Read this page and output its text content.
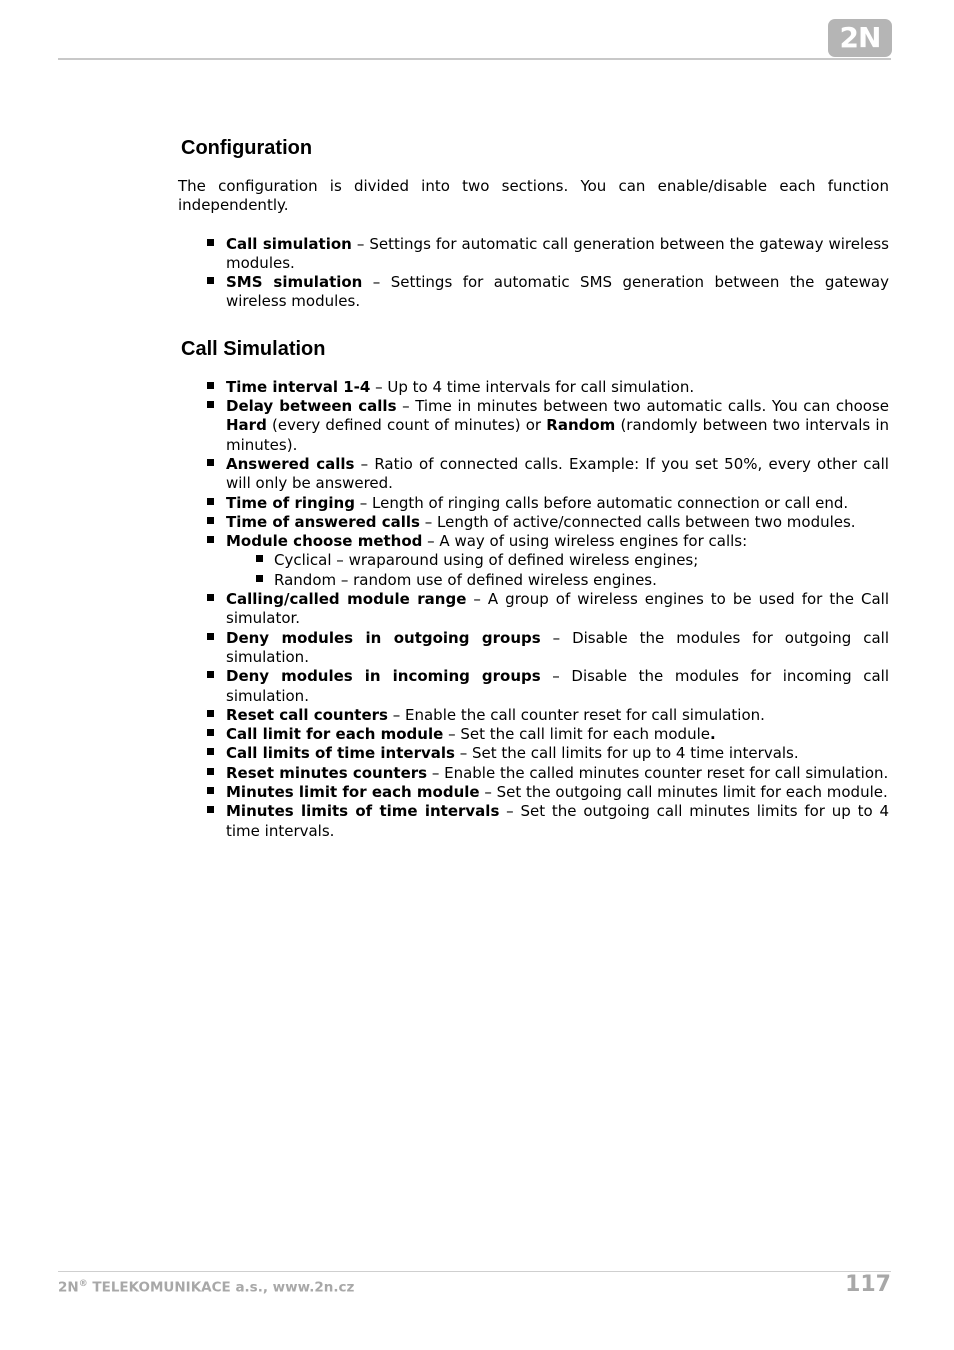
2N
Configuration

The configuration is divided into two sections. You can enable/disable each function independently.

Call simulation – Settings for automatic call generation between the gateway wireless modules.
SMS simulation – Settings for automatic SMS generation between the gateway wireless modules.
Call Simulation
Time interval 1-4 – Up to 4 time intervals for call simulation.
Delay between calls – Time in minutes between two automatic calls. You can choose Hard (every defined count of minutes) or Random (randomly between two intervals in minutes).
Answered calls – Ratio of connected calls. Example: If you set 50%, every other call will only be answered.
Time of ringing – Length of ringing calls before automatic connection or call end.
Time of answered calls – Length of active/connected calls between two modules.
Module choose method – A way of using wireless engines for calls:
Cyclical – wraparound using of defined wireless engines;
Random – random use of defined wireless engines.
Calling/called module range – A group of wireless engines to be used for the Call simulator.
Deny modules in outgoing groups – Disable the modules for outgoing call simulation.
Deny modules in incoming groups – Disable the modules for incoming call simulation.
Reset call counters – Enable the call counter reset for call simulation.
Call limit for each module – Set the call limit for each module.
Call limits of time intervals – Set the call limits for up to 4 time intervals.
Reset minutes counters – Enable the called minutes counter reset for call simulation.
Minutes limit for each module – Set the outgoing call minutes limit for each module.
Minutes limits of time intervals – Set the outgoing call minutes limits for up to 4 time intervals.
2N® TELEKOMUNIKACE a.s., www.2n.cz	117
